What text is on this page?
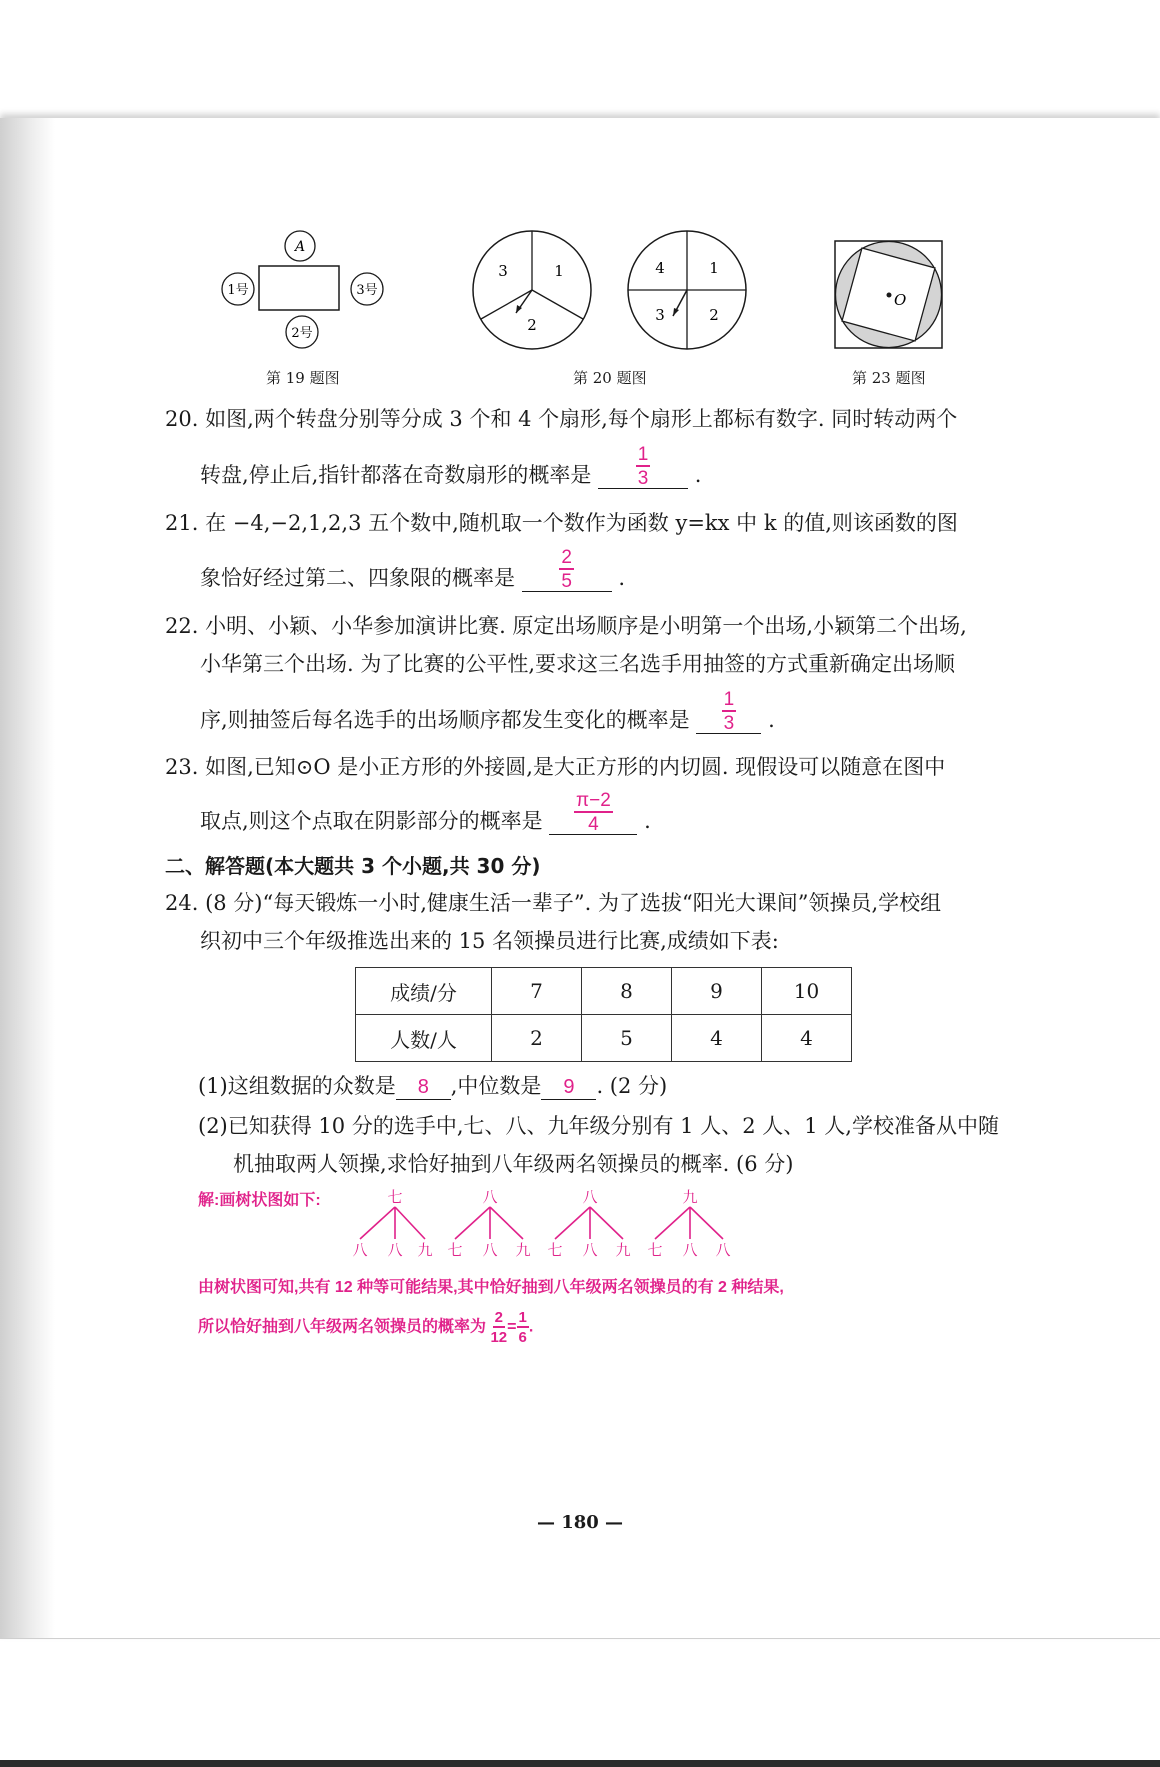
A
1号	3号
2号
第 19 题图
3	1
2
4	1
3	2
第 20 题图
O
第 23 题图
20. 如图,两个转盘分别等分成 3 个和 4 个扇形,每个扇形上都标有数字. 同时转动两个
转盘,停止后,指针都落在奇数扇形的概率是 $\frac{1}{3}$ .
21. 在 −4,−2,1,2,3 五个数中,随机取一个数作为函数 y=kx 中 k 的值,则该函数的图
象恰好经过第二、四象限的概率是 $\frac{2}{5}$ .
22. 小明、小颖、小华参加演讲比赛. 原定出场顺序是小明第一个出场,小颖第二个出场,
小华第三个出场. 为了比赛的公平性,要求这三名选手用抽签的方式重新确定出场顺
序,则抽签后每名选手的出场顺序都发生变化的概率是 $\frac{1}{3}$ .
23. 如图,已知⊙O 是小正方形的外接圆,是大正方形的内切圆. 现假设可以随意在图中
取点,则这个点取在阴影部分的概率是 $\frac{\pi-2}{4}$ .
二、解答题(本大题共 3 个小题,共 30 分)
24. (8 分)“每天锻炼一小时,健康生活一辈子”. 为了选拔“阳光大课间”领操员,学校组
织初中三个年级推选出来的 15 名领操员进行比赛,成绩如下表:
成绩/分	7	8	9	10
人数/人	2	5	4	4
(1)这组数据的众数是 8 ,中位数是 9 . (2 分)
(2)已知获得 10 分的选手中,七、八、九年级分别有 1 人、2 人、1 人,学校准备从中随
机抽取两人领操,求恰好抽到八年级两名领操员的概率. (6 分)
解:画树状图如下:	七	八	八	九
八 八 九 七 八 九 七 八 九 七 八 八
由树状图可知,共有 12 种等可能结果,其中恰好抽到八年级两名领操员的有 2 种结果,
所以恰好抽到八年级两名领操员的概率为 $\frac{2}{12} = \frac{1}{6}$ .
— 180 —
